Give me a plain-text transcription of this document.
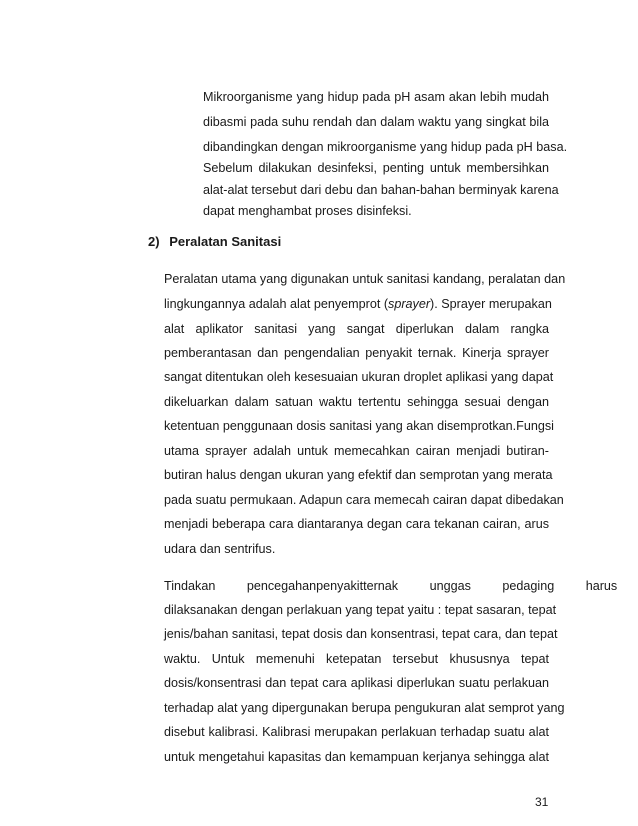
Mikroorganisme yang hidup pada pH asam akan lebih mudah
dibasmi pada suhu rendah dan dalam waktu yang singkat bila
dibandingkan dengan mikroorganisme yang hidup pada pH basa.
Sebelum dilakukan desinfeksi, penting untuk membersihkan
alat-alat tersebut dari debu dan bahan-bahan berminyak karena
dapat menghambat proses disinfeksi.
2) Peralatan Sanitasi
Peralatan utama yang digunakan untuk sanitasi kandang, peralatan dan
lingkungannya adalah alat penyemprot (sprayer). Sprayer merupakan
alat aplikator sanitasi yang sangat diperlukan dalam rangka
pemberantasan dan pengendalian penyakit ternak. Kinerja sprayer
sangat ditentukan oleh kesesuaian ukuran droplet aplikasi yang dapat
dikeluarkan dalam satuan waktu tertentu sehingga sesuai dengan
ketentuan penggunaan dosis sanitasi yang akan disemprotkan.Fungsi
utama sprayer adalah untuk memecahkan cairan menjadi butiran-
butiran halus dengan ukuran yang efektif dan semprotan yang merata
pada suatu permukaan. Adapun cara memecah cairan dapat dibedakan
menjadi beberapa cara diantaranya degan cara tekanan cairan, arus
udara dan sentrifus.
Tindakan pencegahanpenyakitternak unggas pedaging harus
dilaksanakan dengan perlakuan yang tepat yaitu : tepat sasaran, tepat
jenis/bahan sanitasi, tepat dosis dan konsentrasi, tepat cara, dan tepat
waktu. Untuk memenuhi ketepatan tersebut khususnya tepat
dosis/konsentrasi dan tepat cara aplikasi diperlukan suatu perlakuan
terhadap alat yang dipergunakan berupa pengukuran alat semprot yang
disebut kalibrasi. Kalibrasi merupakan perlakuan terhadap suatu alat
untuk mengetahui kapasitas dan kemampuan kerjanya sehingga alat
31
